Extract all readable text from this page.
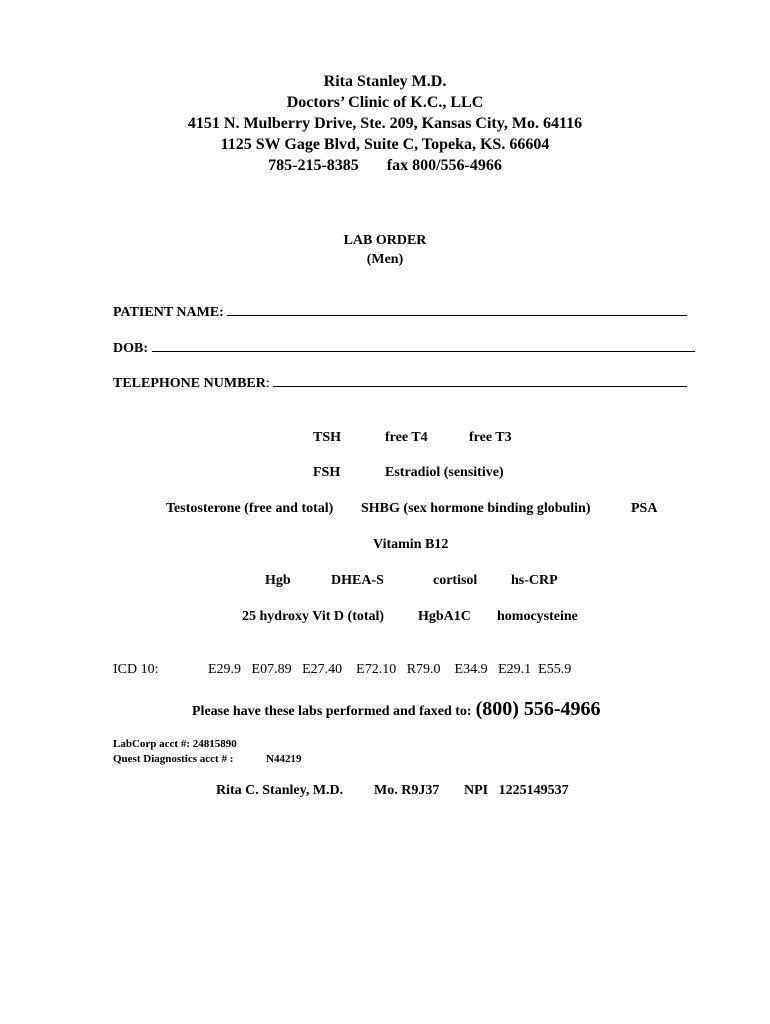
Rita Stanley M.D.
Doctors’ Clinic of K.C., LLC
4151 N. Mulberry Drive, Ste. 209, Kansas City, Mo. 64116
1125 SW Gage Blvd, Suite C, Topeka, KS. 66604
785-215-8385 fax 800/556-4966
LAB ORDER
(Men)
PATIENT NAME:
DOB:
TELEPHONE NUMBER:
TSH	free T4	free T3
FSH	Estradiol (sensitive)
Testosterone (free and total) SHBG (sex hormone binding globulin)	PSA
Vitamin B12
Hgb	DHEA-S	cortisol hs-CRP
25 hydroxy Vit D (total) HgbA1C homocysteine
ICD 10:	E29.9   E07.89   E27.40    E72.10   R79.0    E34.9   E29.1  E55.9
Please have these labs performed and faxed to: (800) 556-4966
LabCorp acct #: 24815890
Quest Diagnostics acct # :	N44219
Rita C. Stanley, M.D. Mo. R9J37 NPI   1225149537
